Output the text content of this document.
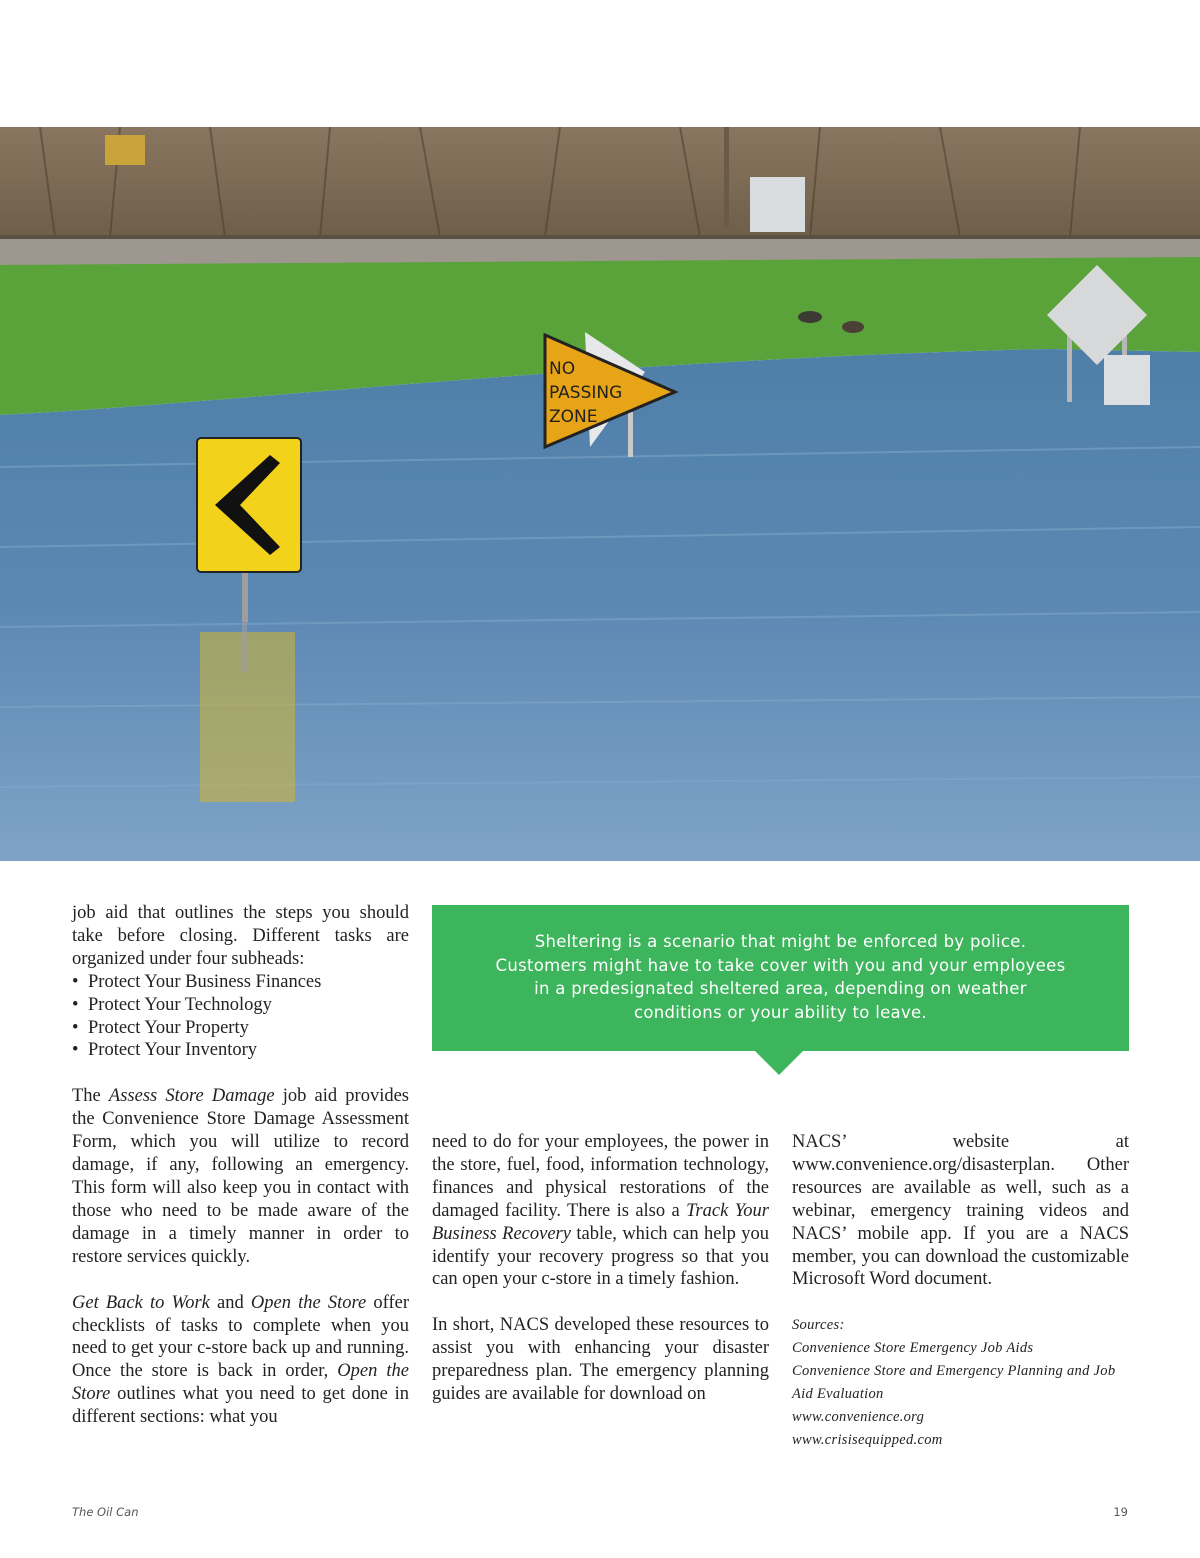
NO
PASSING
ZONE

job aid that outlines the steps you should take before closing. Different tasks are organized under four subheads:

• Protect Your Business Finances
• Protect Your Technology
• Protect Your Property
• Protect Your Inventory

The Assess Store Damage job aid provides the Convenience Store Damage Assessment Form, which you will utilize to record damage, if any, following an emergency. This form will also keep you in contact with those who need to be made aware of the damage in a timely manner in order to restore services quickly.

Get Back to Work and Open the Store offer checklists of tasks to complete when you need to get your c-store back up and running. Once the store is back in order, Open the Store outlines what you need to get done in different sections: what you

Sheltering is a scenario that might be enforced by police. Customers might have to take cover with you and your employees in a predesignated sheltered area, depending on weather conditions or your ability to leave.

need to do for your employees, the power in the store, fuel, food, information technology, finances and physical restorations of the damaged facility. There is also a Track Your Business Recovery table, which can help you identify your recovery progress so that you can open your c-store in a timely fashion.

In short, NACS developed these resources to assist you with enhancing your disaster preparedness plan. The emergency planning guides are available for download on

NACS’ website at www.convenience.org/disasterplan. Other resources are available as well, such as a webinar, emergency training videos and NACS’ mobile app. If you are a NACS member, you can download the customizable Microsoft Word document.

Sources:

Convenience Store Emergency Job Aids

Convenience Store and Emergency Planning and Job Aid Evaluation

www.convenience.org

www.crisisequipped.com

The Oil Can	19
